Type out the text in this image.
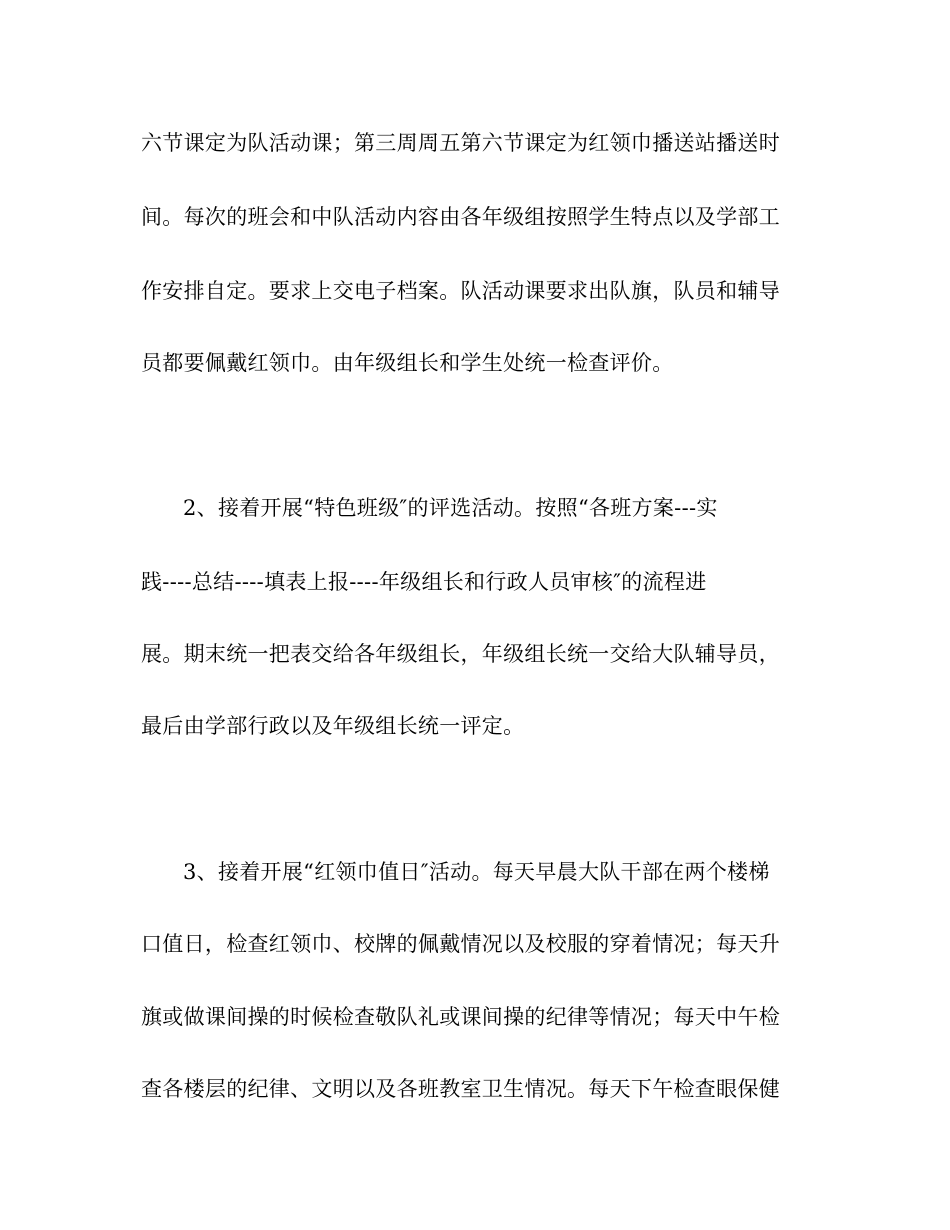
六节课定为队活动课；第三周周五第六节课定为红领巾播送站播送时
间。每次的班会和中队活动内容由各年级组按照学生特点以及学部工
作安排自定。要求上交电子档案。队活动课要求出队旗，队员和辅导
员都要佩戴红领巾。由年级组长和学生处统一检查评价。
2、接着开展“特色班级″的评选活动。按照“各班方案---实
践----总结----填表上报----年级组长和行政人员审核″的流程进
展。期末统一把表交给各年级组长，年级组长统一交给大队辅导员，
最后由学部行政以及年级组长统一评定。
3、接着开展“红领巾值日″活动。每天早晨大队干部在两个楼梯
口值日，检查红领巾、校牌的佩戴情况以及校服的穿着情况；每天升
旗或做课间操的时候检查敬队礼或课间操的纪律等情况；每天中午检
查各楼层的纪律、文明以及各班教室卫生情况。每天下午检查眼保健
